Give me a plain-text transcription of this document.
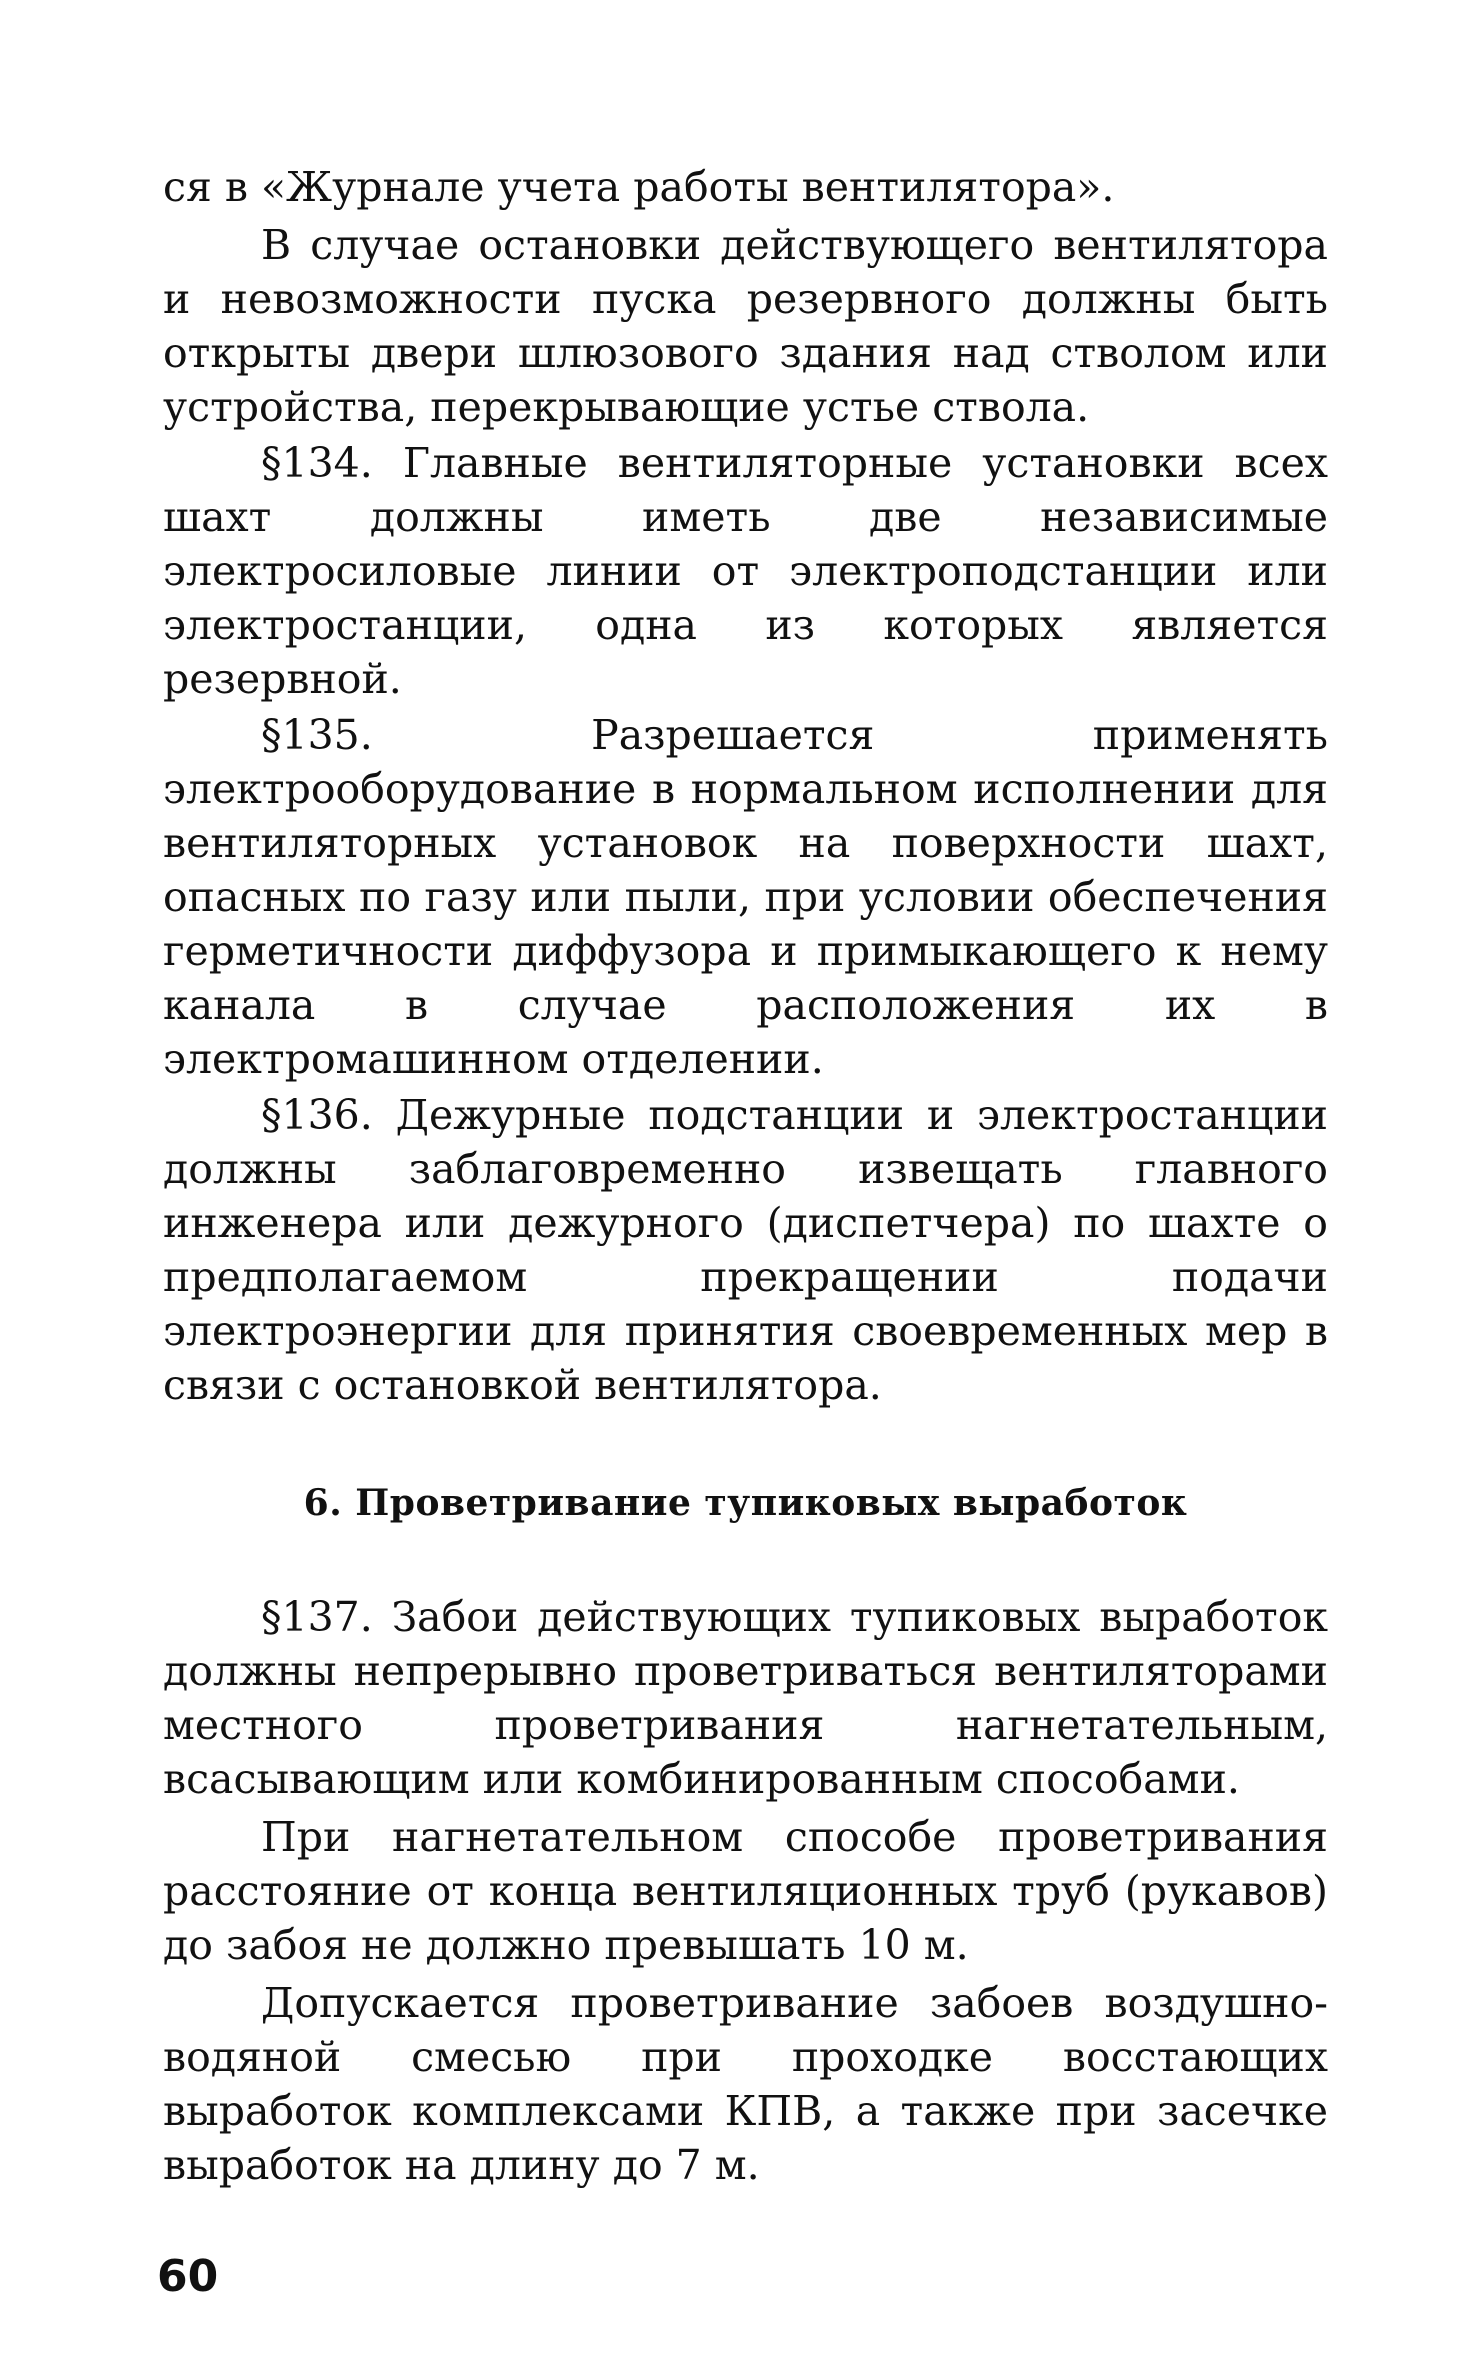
ся в «Журнале учета работы вентилятора».

В случае остановки действующего вентилятора и невозможности пуска резервного должны быть открыты двери шлюзового здания над стволом или устройства, перекрывающие устье ствола.

§134. Главные вентиляторные установки всех шахт должны иметь две независимые электросиловые линии от электроподстанции или электростанции, одна из которых является резервной.

§135. Разрешается применять электрооборудование в нормальном исполнении для вентиляторных установок на поверхности шахт, опасных по газу или пыли, при условии обеспечения герметичности диффузора и примыкающего к нему канала в случае расположения их в электромашинном отделении.

§136. Дежурные подстанции и электростанции должны заблаговременно извещать главного инженера или дежурного (диспетчера) по шахте о предполагаемом прекращении подачи электроэнергии для принятия своевременных мер в связи с остановкой вентилятора.

6. Проветривание тупиковых выработок

§137. Забои действующих тупиковых выработок должны непрерывно проветриваться вентиляторами местного проветривания нагнетательным, всасывающим или комбинированным способами.

При нагнетательном способе проветривания расстояние от конца вентиляционных труб (рукавов) до забоя не должно превышать 10 м.

Допускается проветривание забоев воздушно-водяной смесью при проходке восстающих выработок комплексами КПВ, а также при засечке выработок на длину до 7 м.

60
